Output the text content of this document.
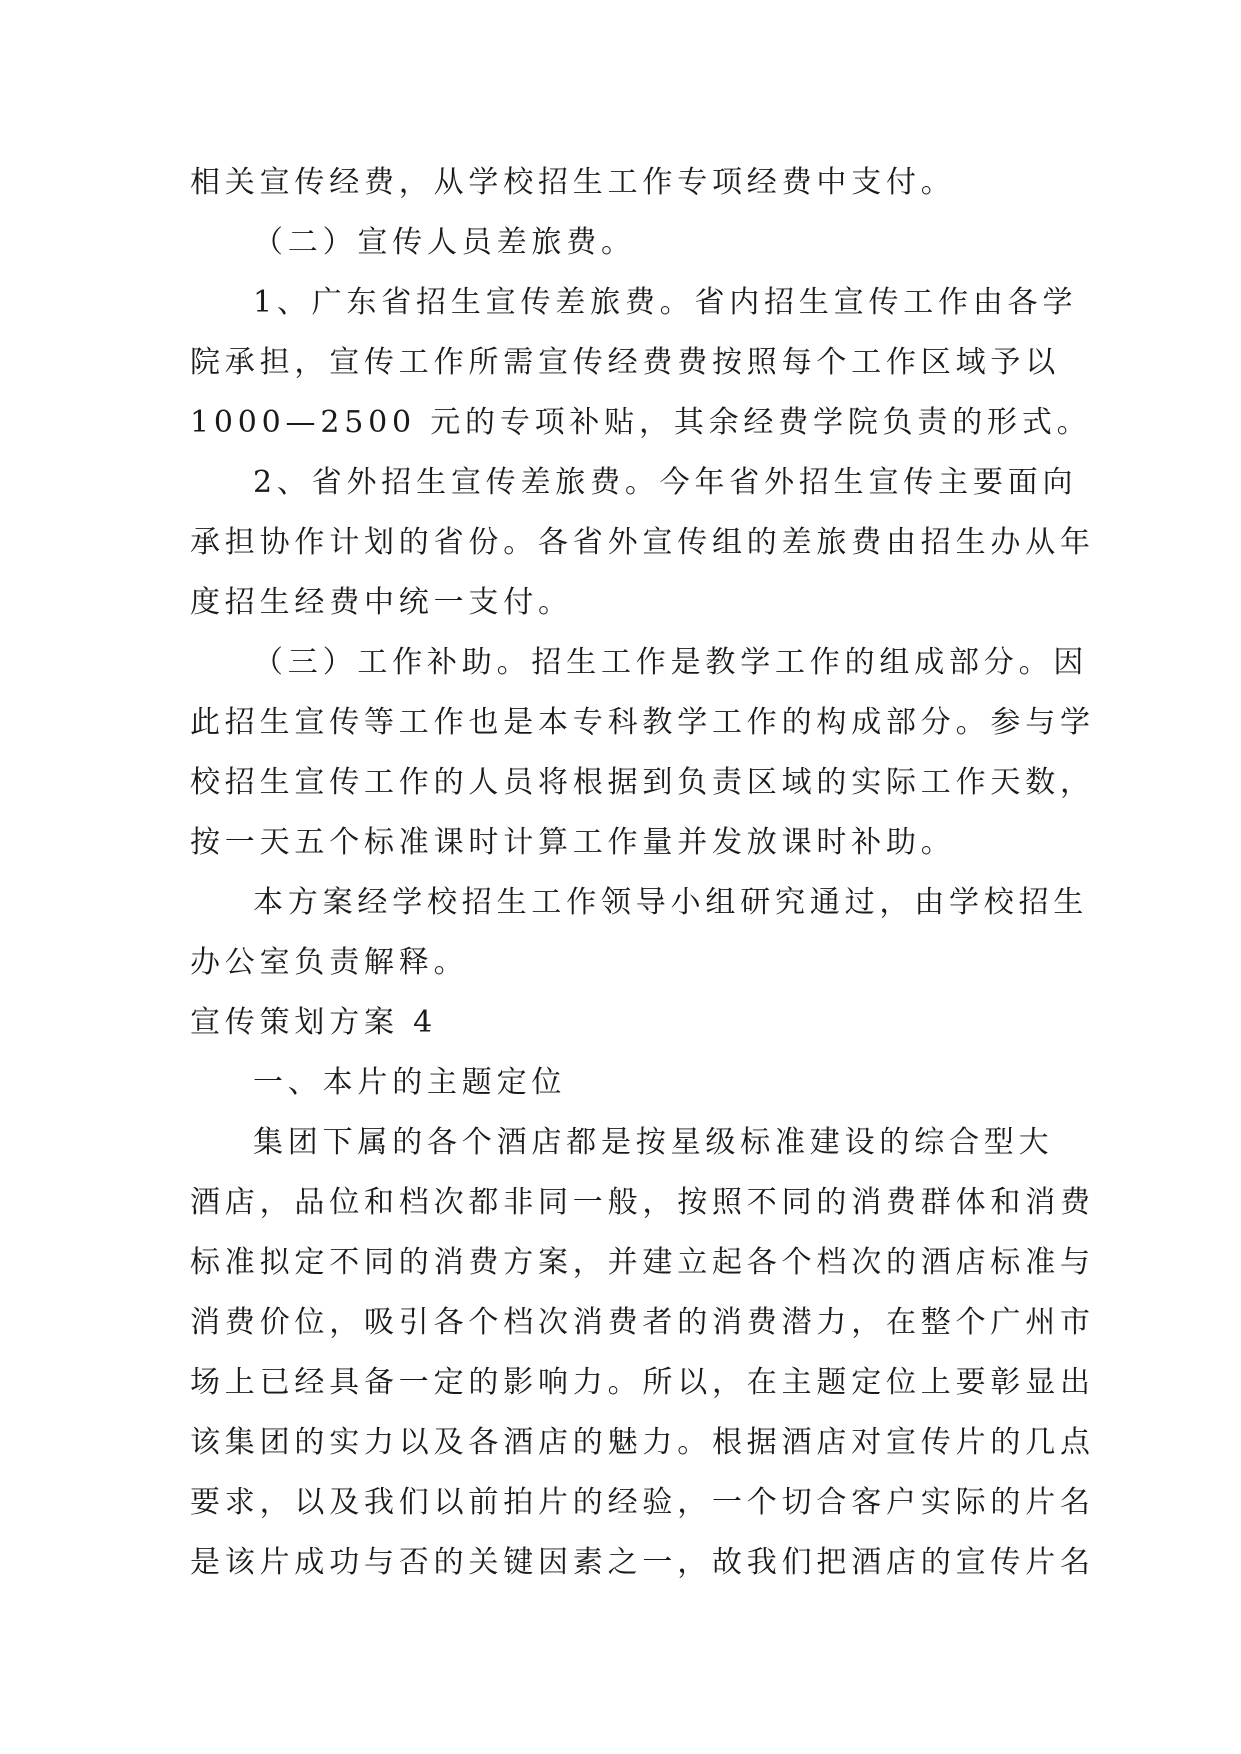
相关宣传经费，从学校招生工作专项经费中支付。
（二）宣传人员差旅费。
1、广东省招生宣传差旅费。省内招生宣传工作由各学
院承担，宣传工作所需宣传经费费按照每个工作区域予以
1000—2500 元的专项补贴，其余经费学院负责的形式。
2、省外招生宣传差旅费。今年省外招生宣传主要面向
承担协作计划的省份。各省外宣传组的差旅费由招生办从年
度招生经费中统一支付。
（三）工作补助。招生工作是教学工作的组成部分。因
此招生宣传等工作也是本专科教学工作的构成部分。参与学
校招生宣传工作的人员将根据到负责区域的实际工作天数，
按一天五个标准课时计算工作量并发放课时补助。
本方案经学校招生工作领导小组研究通过，由学校招生
办公室负责解释。
宣传策划方案 4
一、本片的主题定位
集团下属的各个酒店都是按星级标准建设的综合型大
酒店，品位和档次都非同一般，按照不同的消费群体和消费
标准拟定不同的消费方案，并建立起各个档次的酒店标准与
消费价位，吸引各个档次消费者的消费潜力，在整个广州市
场上已经具备一定的影响力。所以，在主题定位上要彰显出
该集团的实力以及各酒店的魅力。根据酒店对宣传片的几点
要求，以及我们以前拍片的经验，一个切合客户实际的片名
是该片成功与否的关键因素之一，故我们把酒店的宣传片名
